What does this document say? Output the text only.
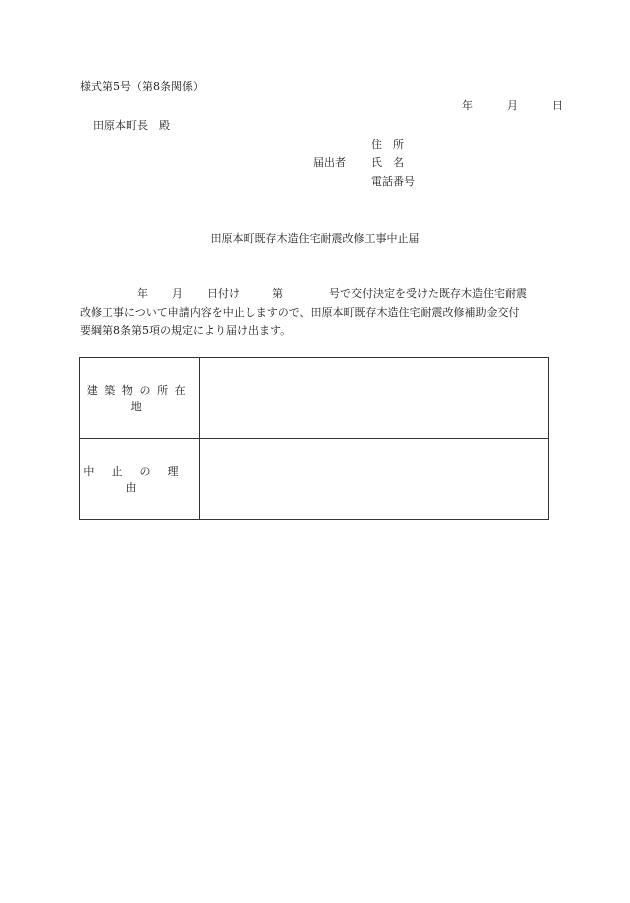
様式第5号（第8条関係）
年	月	日
田原本町長　殿
届出者
住　所
氏　名
電話番号
田原本町既存木造住宅耐震改修工事中止届
年 月 日付け	第	号で交付決定を受けた既存木造住宅耐震
改修工事について申請内容を中止しますので、田原本町既存木造住宅耐震改修補助金交付
要綱第8条第5項の規定により届け出ます。
建築物の所在地	
中止の理由	
